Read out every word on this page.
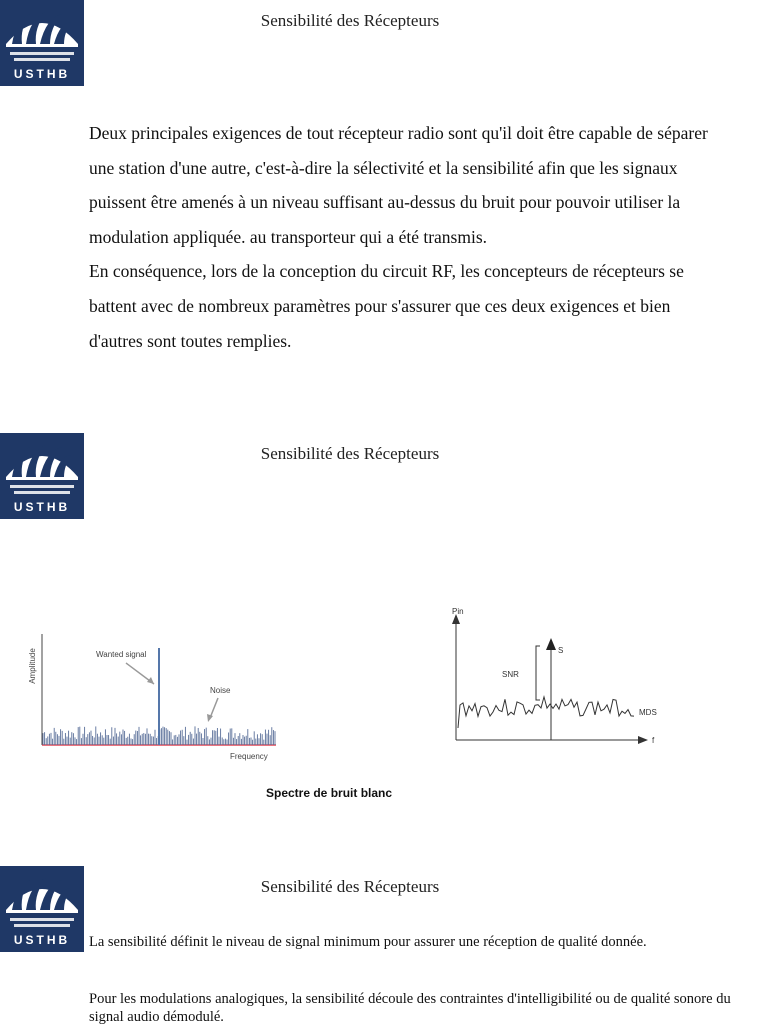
USTHB
Sensibilité des Récepteurs

Deux principales exigences de tout récepteur radio sont qu'il doit être capable de séparer une station d'une autre, c'est-à-dire la sélectivité et la sensibilité afin que les signaux puissent être amenés à un niveau suffisant au-dessus du bruit pour pouvoir utiliser la modulation appliquée. au transporteur qui a été transmis.

En conséquence, lors de la conception du circuit RF, les concepteurs de récepteurs se battent avec de nombreux paramètres pour s'assurer que ces deux exigences et bien d'autres sont toutes remplies.

USTHB
Sensibilité des Récepteurs
Amplitude
Frequency
Wanted signal
Noise
Pin
f
S
SNR
MDS
Spectre de bruit blanc
USTHB
Sensibilité des Récepteurs

La sensibilité définit le niveau de signal minimum pour assurer une réception de qualité donnée.

Pour les modulations analogiques, la sensibilité découle des contraintes d'intelligibilité ou de qualité sonore du signal audio démodulé.
